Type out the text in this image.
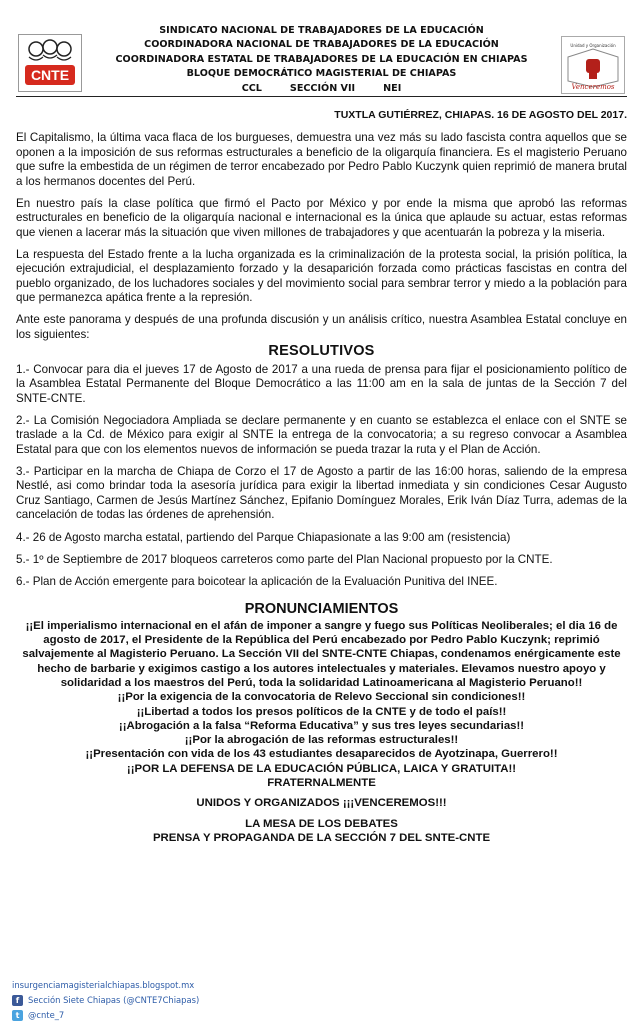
CNTE
SINDICATO NACIONAL DE TRABAJADORES DE LA EDUCACIÓN
COORDINADORA NACIONAL DE TRABAJADORES DE LA EDUCACIÓN
COORDINADORA ESTATAL DE TRABAJADORES DE LA EDUCACIÓN EN CHIAPAS
BLOQUE DEMOCRÁTICO MAGISTERIAL DE CHIAPAS
CCL	SECCIÓN VII	NEI
Unidad y Organización
Venceremos
TUXTLA GUTIÉRREZ, CHIAPAS. 16 DE AGOSTO DEL 2017.

El Capitalismo, la última vaca flaca de los burgueses, demuestra una vez más su lado fascista contra aquellos que se oponen a la imposición de sus reformas estructurales a beneficio de la oligarquía financiera. Es el magisterio Peruano que sufre la embestida de un régimen de terror encabezado por Pedro Pablo Kuczynk quien reprimió de manera brutal a los hermanos docentes del Perú.

En nuestro país la clase política que firmó el Pacto por México y por ende la misma que aprobó las reformas estructurales en beneficio de la oligarquía nacional e internacional es la única que aplaude su actuar, estas reformas que vienen a lacerar más la situación que viven millones de trabajadores y que acentuarán la pobreza y la miseria.

La respuesta del Estado frente a la lucha organizada es la criminalización de la protesta social, la prisión política, la ejecución extrajudicial, el desplazamiento forzado y la desaparición forzada como prácticas fascistas en contra del pueblo organizado, de los luchadores sociales y del movimiento social para sembrar terror y miedo a la población para que permanezca apática frente a la represión.

Ante este panorama y después de una profunda discusión y un análisis crítico, nuestra Asamblea Estatal concluye en los siguientes:

RESOLUTIVOS

1.- Convocar para dia el jueves 17 de Agosto de 2017 a una rueda de prensa para fijar el posicionamiento político de la Asamblea Estatal Permanente del Bloque Democrático a las 11:00 am en la sala de juntas de la Sección 7 del SNTE-CNTE.

2.- La Comisión Negociadora Ampliada se declare permanente y en cuanto se establezca el enlace con el SNTE se traslade a la Cd. de México para exigir al SNTE la entrega de la convocatoria; a su regreso convocar a Asamblea Estatal para que con los elementos nuevos de información se pueda trazar la ruta y el Plan de Acción.

3.- Participar en la marcha de Chiapa de Corzo el 17 de Agosto a partir de las 16:00 horas, saliendo de la empresa Nestlé, asi como brindar toda la asesoría jurídica para exigir la libertad inmediata y sin condiciones Cesar Augusto Cruz Santiago, Carmen de Jesús Martínez Sánchez, Epifanio Domínguez Morales, Erik Iván Díaz Turra, ademas de la cancelación de todas las órdenes de aprehensión.

4.- 26 de Agosto marcha estatal, partiendo del Parque Chiapasionate a las 9:00 am (resistencia)

5.- 1º de Septiembre de 2017 bloqueos carreteros como parte del Plan Nacional propuesto por la CNTE.

6.- Plan de Acción emergente para boicotear la aplicación de la Evaluación Punitiva del INEE.

PRONUNCIAMIENTOS
¡¡El imperialismo internacional en el afán de imponer a sangre y fuego sus Políticas Neoliberales; el dia 16 de agosto de 2017, el Presidente de la República del Perú encabezado por Pedro Pablo Kuczynk; reprimió salvajemente al Magisterio Peruano. La Sección VII del SNTE-CNTE Chiapas, condenamos enérgicamente este hecho de barbarie y exigimos castigo a los autores intelectuales y materiales. Elevamos nuestro apoyo y solidaridad a los maestros del Perú, toda la solidaridad Latinoamericana al Magisterio Peruano!!
¡¡Por la exigencia de la convocatoria de Relevo Seccional sin condiciones!!
¡¡Libertad a todos los presos políticos de la CNTE y de todo el país!!
¡¡Abrogación a la falsa “Reforma Educativa” y sus tres leyes secundarias!!
¡¡Por la abrogación de las reformas estructurales!!
¡¡Presentación con vida de los 43 estudiantes desaparecidos de Ayotzinapa, Guerrero!!
¡¡POR LA DEFENSA DE LA EDUCACIÓN PÚBLICA, LAICA Y GRATUITA!!
FRATERNALMENTE
UNIDOS Y ORGANIZADOS ¡¡¡VENCEREMOS!!!
LA MESA DE LOS DEBATES
PRENSA Y PROPAGANDA DE LA SECCIÓN 7 DEL SNTE-CNTE
insurgenciamagisterialchiapas.blogspot.mx
f	Sección Siete Chiapas (@CNTE7Chiapas)
t	@cnte_7
